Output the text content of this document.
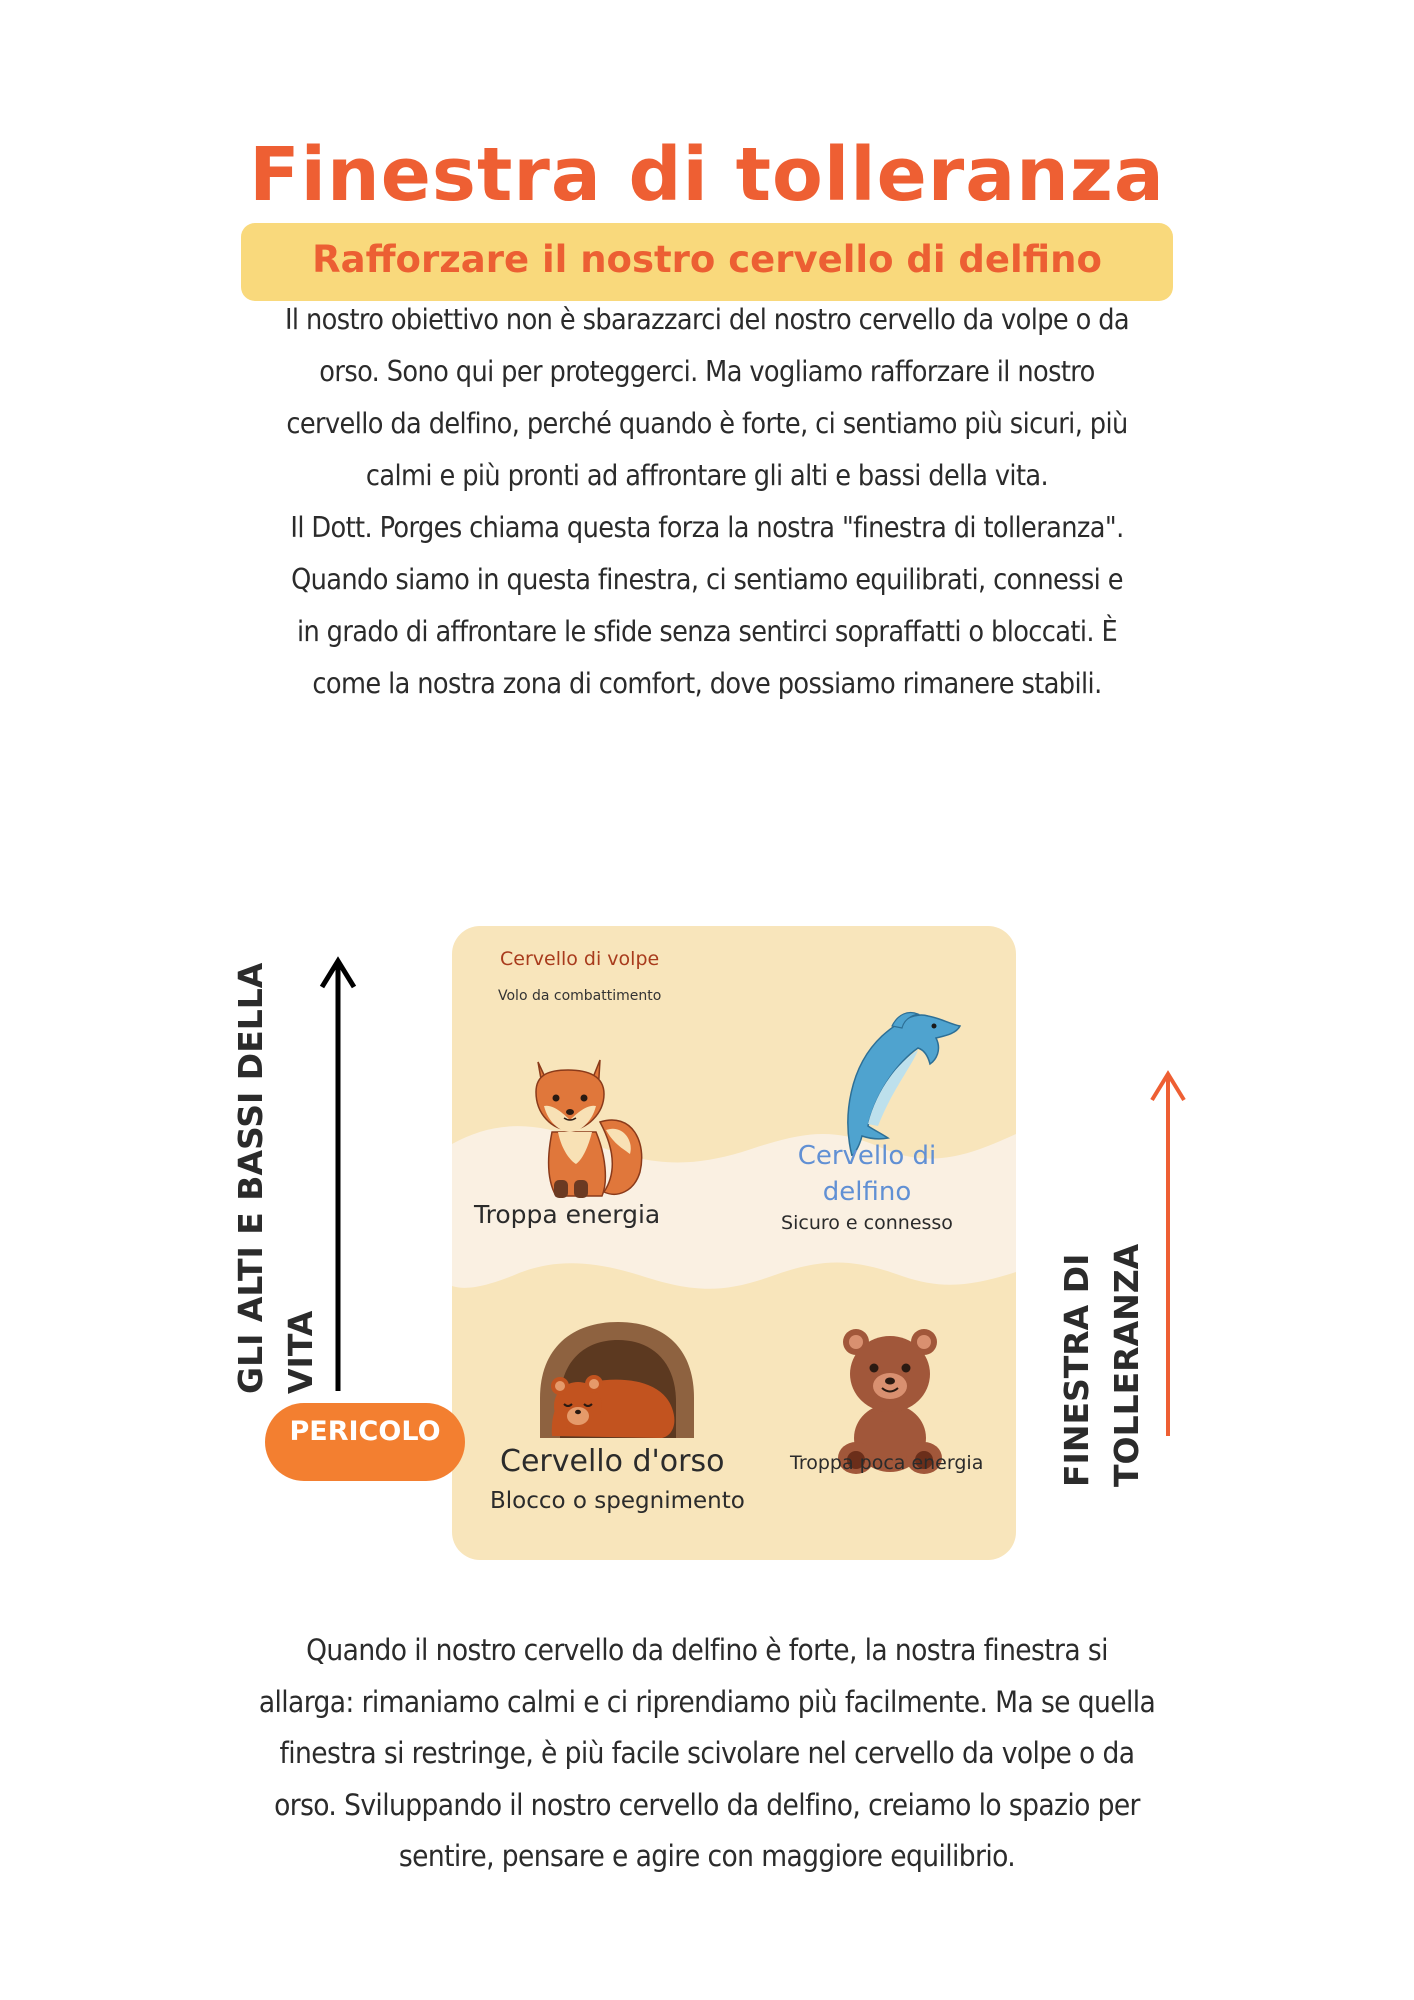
Finestra di tolleranza
Rafforzare il nostro cervello di delfino
Il nostro obiettivo non è sbarazzarci del nostro cervello da volpe o da
orso. Sono qui per proteggerci. Ma vogliamo rafforzare il nostro
cervello da delfino, perché quando è forte, ci sentiamo più sicuri, più
calmi e più pronti ad affrontare gli alti e bassi della vita.
Il Dott. Porges chiama questa forza la nostra "finestra di tolleranza".
Quando siamo in questa finestra, ci sentiamo equilibrati, connessi e
in grado di affrontare le sfide senza sentirci sopraffatti o bloccati. È
come la nostra zona di comfort, dove possiamo rimanere stabili.
GLI ALTI E BASSI DELLA VITA
Cervello di volpe
Volo da combattimento
Troppa energia
Cervello di
delfino
Sicuro e connesso
Cervello d'orso
Blocco o spegnimento
Troppa poca energia
PERICOLO	FINESTRA DI TOLLERANZA
Quando il nostro cervello da delfino è forte, la nostra finestra si
allarga: rimaniamo calmi e ci riprendiamo più facilmente. Ma se quella
finestra si restringe, è più facile scivolare nel cervello da volpe o da
orso. Sviluppando il nostro cervello da delfino, creiamo lo spazio per
sentire, pensare e agire con maggiore equilibrio.
